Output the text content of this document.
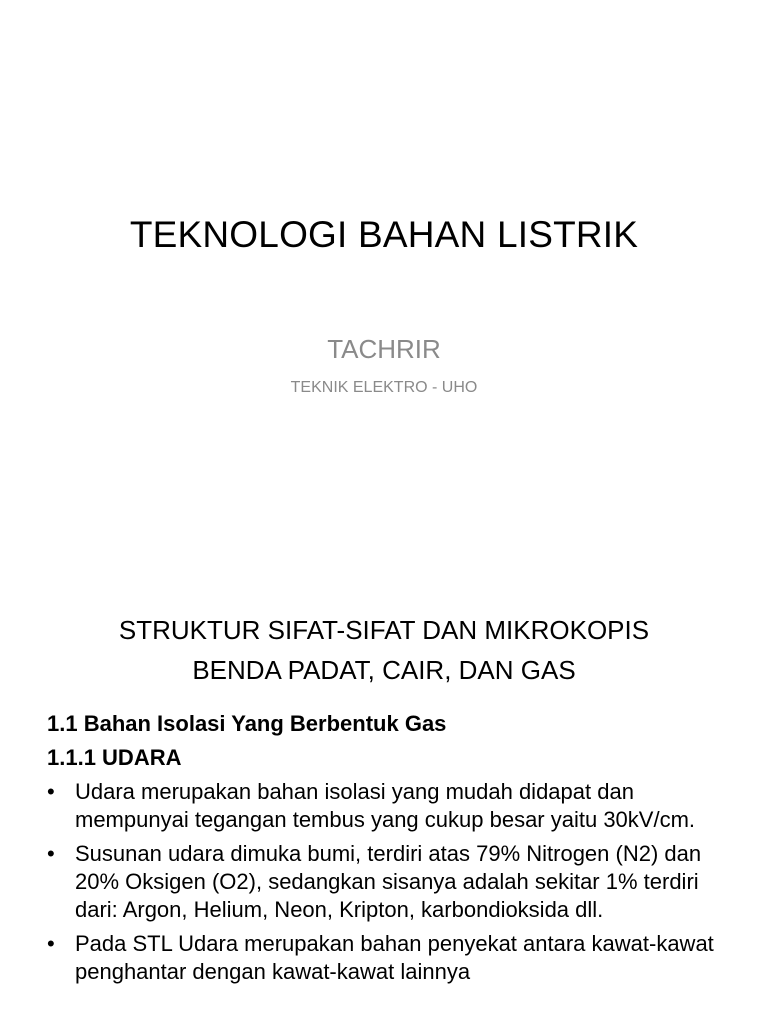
TEKNOLOGI BAHAN LISTRIK
TACHRIR
TEKNIK ELEKTRO - UHO
STRUKTUR SIFAT-SIFAT DAN MIKROKOPIS
BENDA PADAT, CAIR, DAN GAS
1.1 Bahan Isolasi Yang Berbentuk Gas
1.1.1 UDARA
• Udara merupakan bahan isolasi yang mudah didapat dan mempunyai tegangan tembus yang cukup besar yaitu 30kV/cm.
• Susunan udara dimuka bumi, terdiri atas 79% Nitrogen (N2) dan 20% Oksigen (O2), sedangkan sisanya adalah sekitar 1% terdiri dari: Argon, Helium, Neon, Kripton, karbondioksida dll.
• Pada STL Udara merupakan bahan penyekat antara kawat-kawat penghantar dengan kawat-kawat lainnya
